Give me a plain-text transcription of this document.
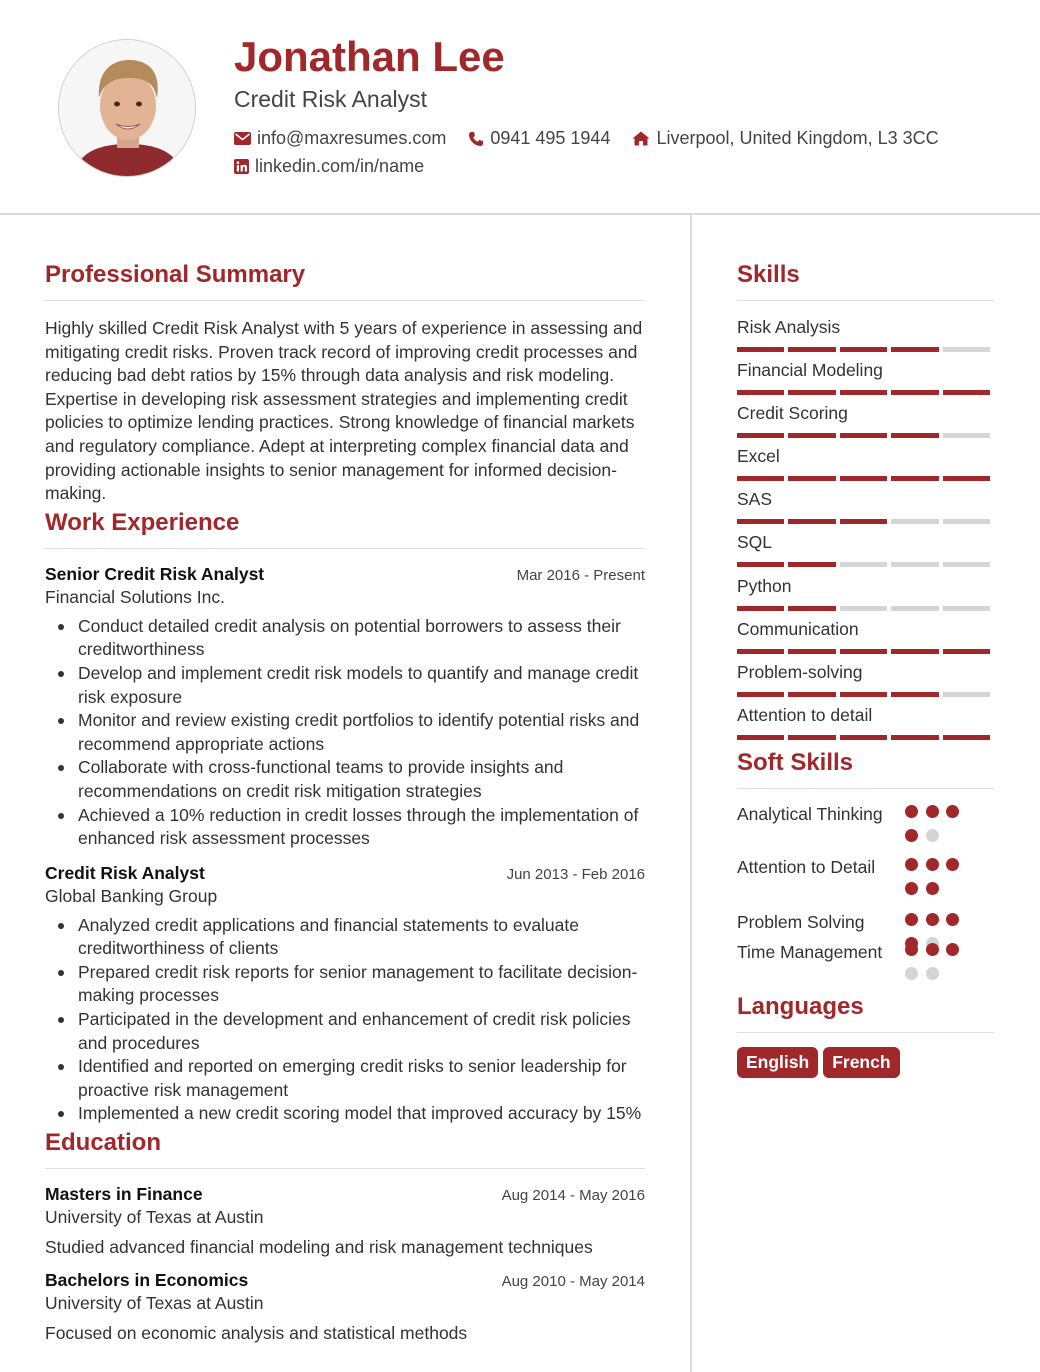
Jonathan Lee
Credit Risk Analyst
info@maxresumes.com 0941 495 1944	Liverpool, United Kingdom, L3 3CC
linkedin.com/in/name
Professional Summary

Highly skilled Credit Risk Analyst with 5 years of experience in assessing and mitigating credit risks. Proven track record of improving credit processes and reducing bad debt ratios by 15% through data analysis and risk modeling. Expertise in developing risk assessment strategies and implementing credit policies to optimize lending practices. Strong knowledge of financial markets and regulatory compliance. Adept at interpreting complex financial data and providing actionable insights to senior management for informed decision-making.

Work Experience
Senior Credit Risk Analyst	Mar 2016 - Present
Financial Solutions Inc.
Conduct detailed credit analysis on potential borrowers to assess their creditworthiness
Develop and implement credit risk models to quantify and manage credit risk exposure
Monitor and review existing credit portfolios to identify potential risks and recommend appropriate actions
Collaborate with cross-functional teams to provide insights and recommendations on credit risk mitigation strategies
Achieved a 10% reduction in credit losses through the implementation of enhanced risk assessment processes
Credit Risk Analyst	Jun 2013 - Feb 2016
Global Banking Group
Analyzed credit applications and financial statements to evaluate creditworthiness of clients
Prepared credit risk reports for senior management to facilitate decision-making processes
Participated in the development and enhancement of credit risk policies and procedures
Identified and reported on emerging credit risks to senior leadership for proactive risk management
Implemented a new credit scoring model that improved accuracy by 15%
Education
Masters in Finance	Aug 2014 - May 2016
University of Texas at Austin
Studied advanced financial modeling and risk management techniques
Bachelors in Economics	Aug 2010 - May 2014
University of Texas at Austin
Focused on economic analysis and statistical methods
Skills
Risk Analysis
Financial Modeling
Credit Scoring
Excel
SAS
SQL
Python
Communication
Problem-solving
Attention to detail
Soft Skills
Analytical Thinking
Attention to Detail
Problem Solving
Time Management
Languages
English	French
